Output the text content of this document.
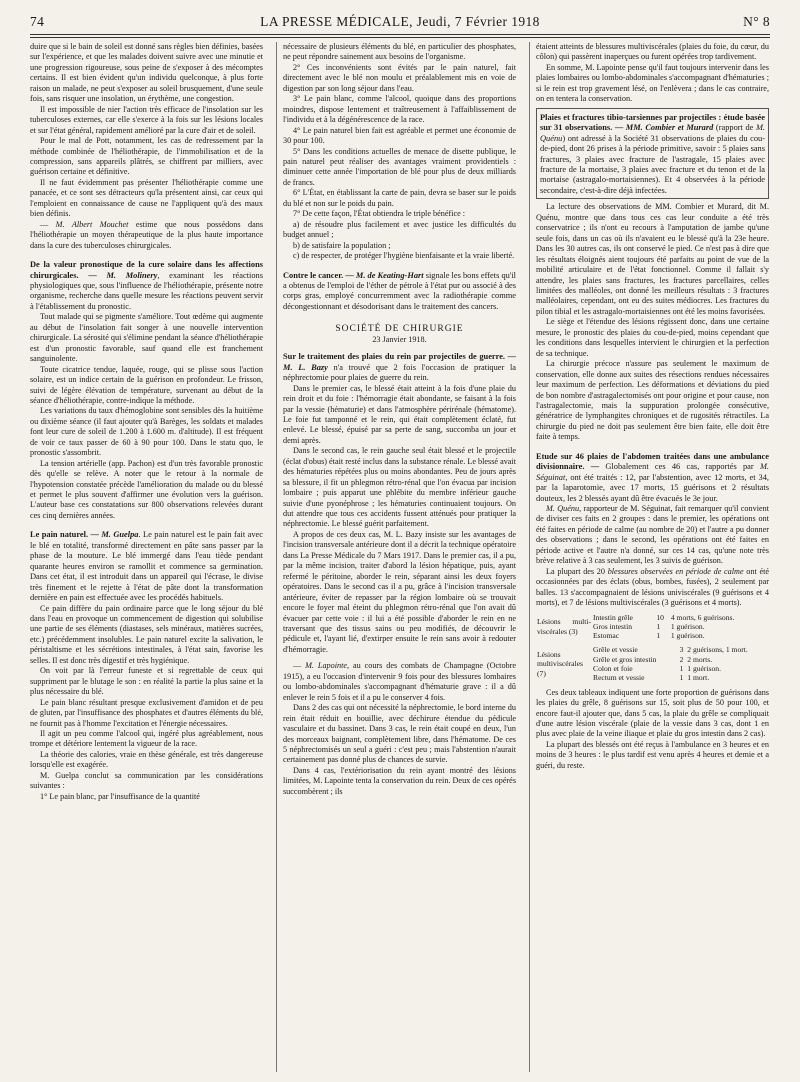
74	LA PRESSE MÉDICALE, Jeudi, 7 Février 1918	N° 8

duire que si le bain de soleil est donné sans règles bien définies, basées sur l'expérience, et que les malades doivent suivre avec une minutie et une progression rigoureuse, sous peine de s'exposer à des mécomptes certains. Il est bien évident qu'un individu quelconque, à plus forte raison un malade, ne peut s'exposer au soleil brusquement, d'une seule fois, sans risquer une insolation, un érythème, une congestion.

Il est impossible de nier l'action très efficace de l'insolation sur les tuberculoses externes, car elle s'exerce à la fois sur les lésions locales et sur l'état général, rapidement amélioré par la cure d'air et de soleil.

Pour le mal de Pott, notamment, les cas de redressement par la méthode combinée de l'héliothérapie, de l'immobilisation et de la compression, sans appareils plâtrés, se chiffrent par milliers, avec guérison certaine et définitive.

Il ne faut évidemment pas présenter l'héliothérapie comme une panacée, et ce sont ses détracteurs qu'la présentent ainsi, car ceux qui l'emploient en connaissance de cause ne l'appliquent qu'à des maux bien définis.

— M. Albert Mouchet estime que nous possédons dans l'héliothérapie un moyen thérapeutique de la plus haute importance dans la cure des tuberculoses chirurgicales.

De la valeur pronostique de la cure solaire dans les affections chirurgicales. — M. Molinery, examinant les réactions physiologiques que, sous l'influence de l'héliothérapie, présente notre organisme, recherche dans quelle mesure les réactions peuvent servir à l'établissement du pronostic.

Tout malade qui se pigmente s'améliore. Tout œdème qui augmente au début de l'insolation fait songer à une nouvelle intervention chirurgicale. La sérosité qui s'élimine pendant la séance d'héliothérapie est d'un pronostic favorable, sauf quand elle est franchement sanguinolente.

Toute cicatrice tendue, laquée, rouge, qui se plisse sous l'action solaire, est un indice certain de la guérison en profondeur. Le frisson, suivi de légère élévation de température, survenant au début de la séance d'héliothérapie, contre-indique la méthode.

Les variations du taux d'hémoglobine sont sensibles dès la huitième ou dixième séance (il faut ajouter qu'à Barèges, les soldats et malades font leur cure de soleil de 1.200 à 1.600 m. d'altitude). Il est fréquent de voir ce taux passer de 60 à 90 pour 100. Dans le statu quo, le pronostic s'assombrit.

La tension artérielle (app. Pachon) est d'un très favorable pronostic dès qu'elle se relève. A noter que le retour à la normale de l'hypotension constatée précède l'amélioration du malade ou du blessé et permet le plus souvent d'affirmer une évolution vers la guérison. L'auteur base ces constatations sur 800 observations relevées durant ces cinq dernières années.

Le pain naturel. — M. Guelpa. Le pain naturel est le pain fait avec le blé en totalité, transformé directement en pâte sans passer par la phase de la mouture. Le blé immergé dans l'eau tiède pendant quarante heures environ se ramollit et commence sa germination. Dans cet état, il est introduit dans un appareil qui l'écrase, le divise très finement et le rejette à l'état de pâte dont la transformation dernière en pain est effectuée avec les procédés habituels.

Ce pain diffère du pain ordinaire parce que le long séjour du blé dans l'eau en provoque un commencement de digestion qui solubilise une partie de ses éléments (diastases, sels minéraux, matières sucrées, etc.) précédemment insolubles. Le pain naturel excite la salivation, le péristaltisme et les sécrétions intestinales, à l'état sain, favorise les selles. Il est donc très digestif et très hygiénique.

On voit par là l'erreur funeste et si regrettable de ceux qui suppriment par le blutage le son : en réalité la partie la plus saine et la plus nécessaire du blé.

Le pain blanc résultant presque exclusivement d'amidon et de peu de gluten, par l'insuffisance des phosphates et d'autres éléments du blé, ne fournit pas à l'homme l'excitation et l'énergie nécessaires.

Il agit un peu comme l'alcool qui, ingéré plus agréablement, nous trompe et détériore lentement la vigueur de la race.

La théorie des calories, vraie en thèse générale, est très dangereuse lorsqu'elle est exagérée.

M. Guelpa conclut sa communication par les considérations suivantes :

1° Le pain blanc, par l'insuffisance de la quantité

nécessaire de plusieurs éléments du blé, en particulier des phosphates, ne peut répondre sainement aux besoins de l'organisme.

2° Ces inconvénients sont évités par le pain naturel, fait directement avec le blé non moulu et préalablement mis en voie de digestion par son long séjour dans l'eau.

3° Le pain blanc, comme l'alcool, quoique dans des proportions moindres, dispose lentement et traîtreusement à l'affaiblissement de l'individu et à la dégénérescence de la race.

4° Le pain naturel bien fait est agréable et permet une économie de 30 pour 100.

5° Dans les conditions actuelles de menace de disette publique, le pain naturel peut réaliser des avantages vraiment providentiels : diminuer cette année l'importation de blé pour plus de deux milliards de francs.

6° L'État, en établissant la carte de pain, devra se baser sur le poids du blé et non sur le poids du pain.

7° De cette façon, l'État obtiendra le triple bénéfice :

a) de résoudre plus facilement et avec justice les difficultés du budget annuel ;

b) de satisfaire la population ;

c) de respecter, de protéger l'hygiène bienfaisante et la vraie liberté.

Contre le cancer. — M. de Keating-Hart signale les bons effets qu'il a obtenus de l'emploi de l'éther de pétrole à l'état pur ou associé à des corps gras, employé concurremment avec la radiothérapie comme décongestionnant et désodorisant dans le traitement des cancers.

SOCIÉTÉ DE CHIRURGIE
23 Janvier 1918.

Sur le traitement des plaies du rein par projectiles de guerre. — M. L. Bazy n'a trouvé que 2 fois l'occasion de pratiquer la néphrectomie pour plaies de guerre du rein.

Dans le premier cas, le blessé était atteint à la fois d'une plaie du rein droit et du foie : l'hémorragie était abondante, se faisant à la fois par la vessie (hématurie) et dans l'atmosphère périrénale (hématome). Le foie fut tamponné et le rein, qui était complètement éclaté, fut enlevé. Le blessé, épuisé par sa perte de sang, succomba un jour et demi après.

Dans le second cas, le rein gauche seul était blessé et le projectile (éclat d'obus) était resté inclus dans la substance rénale. Le blessé avait des hématuries répétées plus ou moins abondantes. Peu de jours après sa blessure, il fit un phlegmon rétro-rénal que l'on évacua par incision lombaire ; puis apparut une phlébite du membre inférieur gauche suivie d'une pyonéphrose ; les hématuries continuaient toujours. On dut attendre que tous ces accidents fussent atténués pour pratiquer la néphrectomie. Le blessé guérit parfaitement.

A propos de ces deux cas, M. L. Bazy insiste sur les avantages de l'incision transversale antérieure dont il a décrit la technique opératoire dans La Presse Médicale du 7 Mars 1917. Dans le premier cas, il a pu, par la même incision, traiter d'abord la lésion hépatique, puis, ayant refermé le péritoine, aborder le rein, séparant ainsi les deux foyers opératoires. Dans le second cas il a pu, grâce à l'incision transversale antérieure, éviter de repasser par la région lombaire où se trouvait encore le foyer mal éteint du phlegmon rétro-rénal que l'on avait dû évacuer par cette voie : il lui a été possible d'aborder le rein en ne traversant que des tissus sains ou peu modifiés, de découvrir le pédicule et, l'ayant lié, d'extirper ensuite le rein sans avoir à redouter d'hémorragie.

— M. Lapointe, au cours des combats de Champagne (Octobre 1915), a eu l'occasion d'intervenir 9 fois pour des blessures lombaires ou lombo-abdominales s'accompagnant d'hématurie grave : il a dû enlever le rein 5 fois et il a pu le conserver 4 fois.

Dans 2 des cas qui ont nécessité la néphrectomie, le bord interne du rein était réduit en bouillie, avec déchirure étendue du pédicule vasculaire et du bassinet. Dans 3 cas, le rein était coupé en deux, l'un des morceaux baignant, complètement libre, dans l'hématome. De ces 5 néphrectomisés un seul a guéri : c'est peu ; mais l'abstention n'aurait certainement pas donné plus de chances de survie.

Dans 4 cas, l'extériorisation du rein ayant montré des lésions limitées, M. Lapointe tenta la conservation du rein. Deux de ces opérés succombèrent ; ils

étaient atteints de blessures multiviscérales (plaies du foie, du cœur, du côlon) qui passèrent inaperçues ou furent opérées trop tardivement.

En somme, M. Lapointe pense qu'il faut toujours intervenir dans les plaies lombaires ou lombo-abdominales s'accompagnant d'hématuries ; si le rein est trop gravement lésé, on l'enlèvera ; dans le cas contraire, on en tentera la conservation.

Plaies et fractures tibio-tarsiennes par projectiles : étude basée sur 31 observations. — MM. Combier et Murard (rapport de M. Quénu) ont adressé à la Société 31 observations de plaies du cou-de-pied, dont 26 prises à la période primitive, savoir : 5 plaies sans fractures, 3 plaies avec fracture de l'astragale, 15 plaies avec fracture de la mortaise, 3 plaies avec fracture et du tenon et de la mortaise (astragalo-mortaisiennes). Et 4 observées à la période secondaire, c'est-à-dire déjà infectées.

La lecture des observations de MM. Combier et Murard, dit M. Quénu, montre que dans tous ces cas leur conduite a été très conservatrice ; ils n'ont eu recours à l'amputation de jambe qu'une seule fois, dans un cas où ils n'avaient eu le blessé qu'à la 23e heure. Dans les 30 autres cas, ils ont conservé le pied. Ce n'est pas à dire que les résultats éloignés aient toujours été parfaits au point de vue de la mobilité articulaire et de l'état fonctionnel. Comme il fallait s'y attendre, les plaies sans fractures, les fractures parcellaires, celles limitées des malléoles, ont donné les meilleurs résultats : 3 fractures malléolaires, cependant, ont eu des suites médiocres. Les fractures du pilon tibial et les astragalo-mortaisiennes ont été les moins favorisées.

Le siège et l'étendue des lésions régissent donc, dans une certaine mesure, le pronostic des plaies du cou-de-pied, moins cependant que les conditions dans lesquelles intervient le chirurgien et la perfection de sa technique.

La chirurgie précoce n'assure pas seulement le maximum de conservation, elle donne aux suites des résections rendues nécessaires leur maximum de perfection. Les déformations et déviations du pied de bon nombre d'astragalectomisés ont pour origine et pour cause, non l'astragalectomie, mais la suppuration prolongée consécutive, génératrice de lymphangites chroniques et de rugosités rétractiles. La chirurgie du pied ne doit pas seulement être bien faite, elle doit être faite à temps.

Etude sur 46 plaies de l'abdomen traitées dans une ambulance divisionnaire. — Globalement ces 46 cas, rapportés par M. Séguinat, ont été traités : 12, par l'abstention, avec 12 morts, et 34, par la laparotomie, avec 17 morts, 15 guérisons et 2 résultats douteux, les 2 blessés ayant dû être évacués le 3e jour.

M. Quénu, rapporteur de M. Séguinat, fait remarquer qu'il convient de diviser ces faits en 2 groupes : dans le premier, les opérations ont été faites en période de calme (au nombre de 20) et l'autre a pu donner des observations ; dans le second, les opérations ont été faites en période active et l'autre n'a donné, sur ces 14 cas, qu'une note très brève relative à 3 cas seulement, les 3 suivis de guérison.

La plupart des 20 blessures observées en période de calme ont été occasionnées par des éclats (obus, bombes, fusées), 2 seulement par balles. 13 s'accompagnaient de lésions univiscérales (9 guérisons et 4 morts), et 7 de lésions multiviscérales (3 guérisons et 4 morts).

Lésions multi-viscérales (3)	Intestin grêle	10	4 morts, 6 guérisons.
	Gros intestin	1	1 guérison.
	Estomac	1	1 guérison.
Lésions multiviscérales (7)	Grêle et vessie	3	2 guérisons, 1 mort.
	Grêle et gros intestin	2	2 morts.
	Colon et foie	1	1 guérison.
	Rectum et vessie	1	1 mort.

Ces deux tableaux indiquent une forte proportion de guérisons dans les plaies du grêle, 8 guérisons sur 15, soit plus de 50 pour 100, et encore faut-il ajouter que, dans 5 cas, la plaie du grêle se compliquait d'une autre lésion viscérale (plaie de la vessie dans 3 cas, dont 1 en plus avec plaie de la veine iliaque et plaie du gros intestin dans 2 cas).

La plupart des blessés ont été reçus à l'ambulance en 3 heures et en moins de 3 heures : le plus tardif est venu après 4 heures et demie et a guéri, du reste.
